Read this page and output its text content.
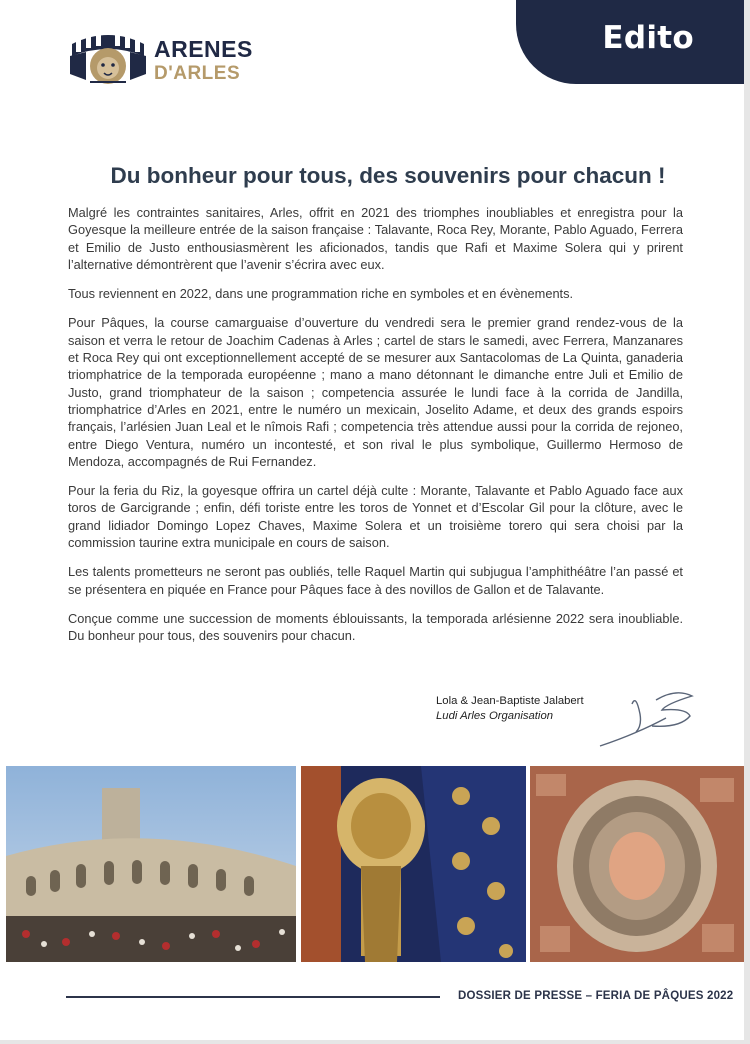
ARENES
D'ARLES
Edito
Du bonheur pour tous, des souvenirs pour chacun !

Malgré les contraintes sanitaires, Arles, offrit en 2021 des triomphes inoubliables et enregistra pour la Goyesque la meilleure entrée de la saison française : Talavante, Roca Rey, Morante, Pablo Aguado, Ferrera et Emilio de Justo enthousiasmèrent les aficionados, tandis que Rafi et Maxime Solera qui y prirent l’alternative démontrèrent que l’avenir s’écrira avec eux.

Tous reviennent en 2022, dans une programmation riche en symboles et en évènements.

Pour Pâques, la course camarguaise d’ouverture du vendredi sera le premier grand rendez-vous de la saison et verra le retour de Joachim Cadenas à Arles ; cartel de stars le samedi, avec Ferrera, Manzanares et Roca Rey qui ont exceptionnellement accepté de se mesurer aux Santacolomas de La Quinta, ganaderia triomphatrice de la temporada européenne ; mano a mano détonnant le dimanche entre Juli et Emilio de Justo, grand triomphateur de la saison ; competencia assurée le lundi face à la corrida de Jandilla, triomphatrice d’Arles en 2021, entre le numéro un mexicain, Joselito Adame, et deux des grands espoirs français, l’arlésien Juan Leal et le nîmois Rafi ; competencia très attendue aussi pour la corrida de rejoneo, entre Diego Ventura, numéro un incontesté, et son rival le plus symbolique, Guillermo Hermoso de Mendoza, accompagnés de Rui Fernandez.

Pour la feria du Riz, la goyesque offrira un cartel déjà culte : Morante, Talavante et Pablo Aguado face aux toros de Garcigrande ; enfin, défi toriste entre les toros de Yonnet et d’Escolar Gil pour la clôture, avec le grand lidiador Domingo Lopez Chaves, Maxime Solera et un troisième torero qui sera choisi par la commission taurine extra municipale en cours de saison.

Les talents prometteurs ne seront pas oubliés, telle Raquel Martin qui subjugua l’amphithéâtre l’an passé et se présentera en piquée en France pour Pâques face à des novillos de Gallon et de Talavante.

Conçue comme une succession de moments éblouissants, la temporada arlésienne 2022 sera inoubliable. Du bonheur pour tous, des souvenirs pour chacun.

Lola & Jean-Baptiste Jalabert
Ludi Arles Organisation
DOSSIER DE PRESSE – FERIA DE PÂQUES 2022
